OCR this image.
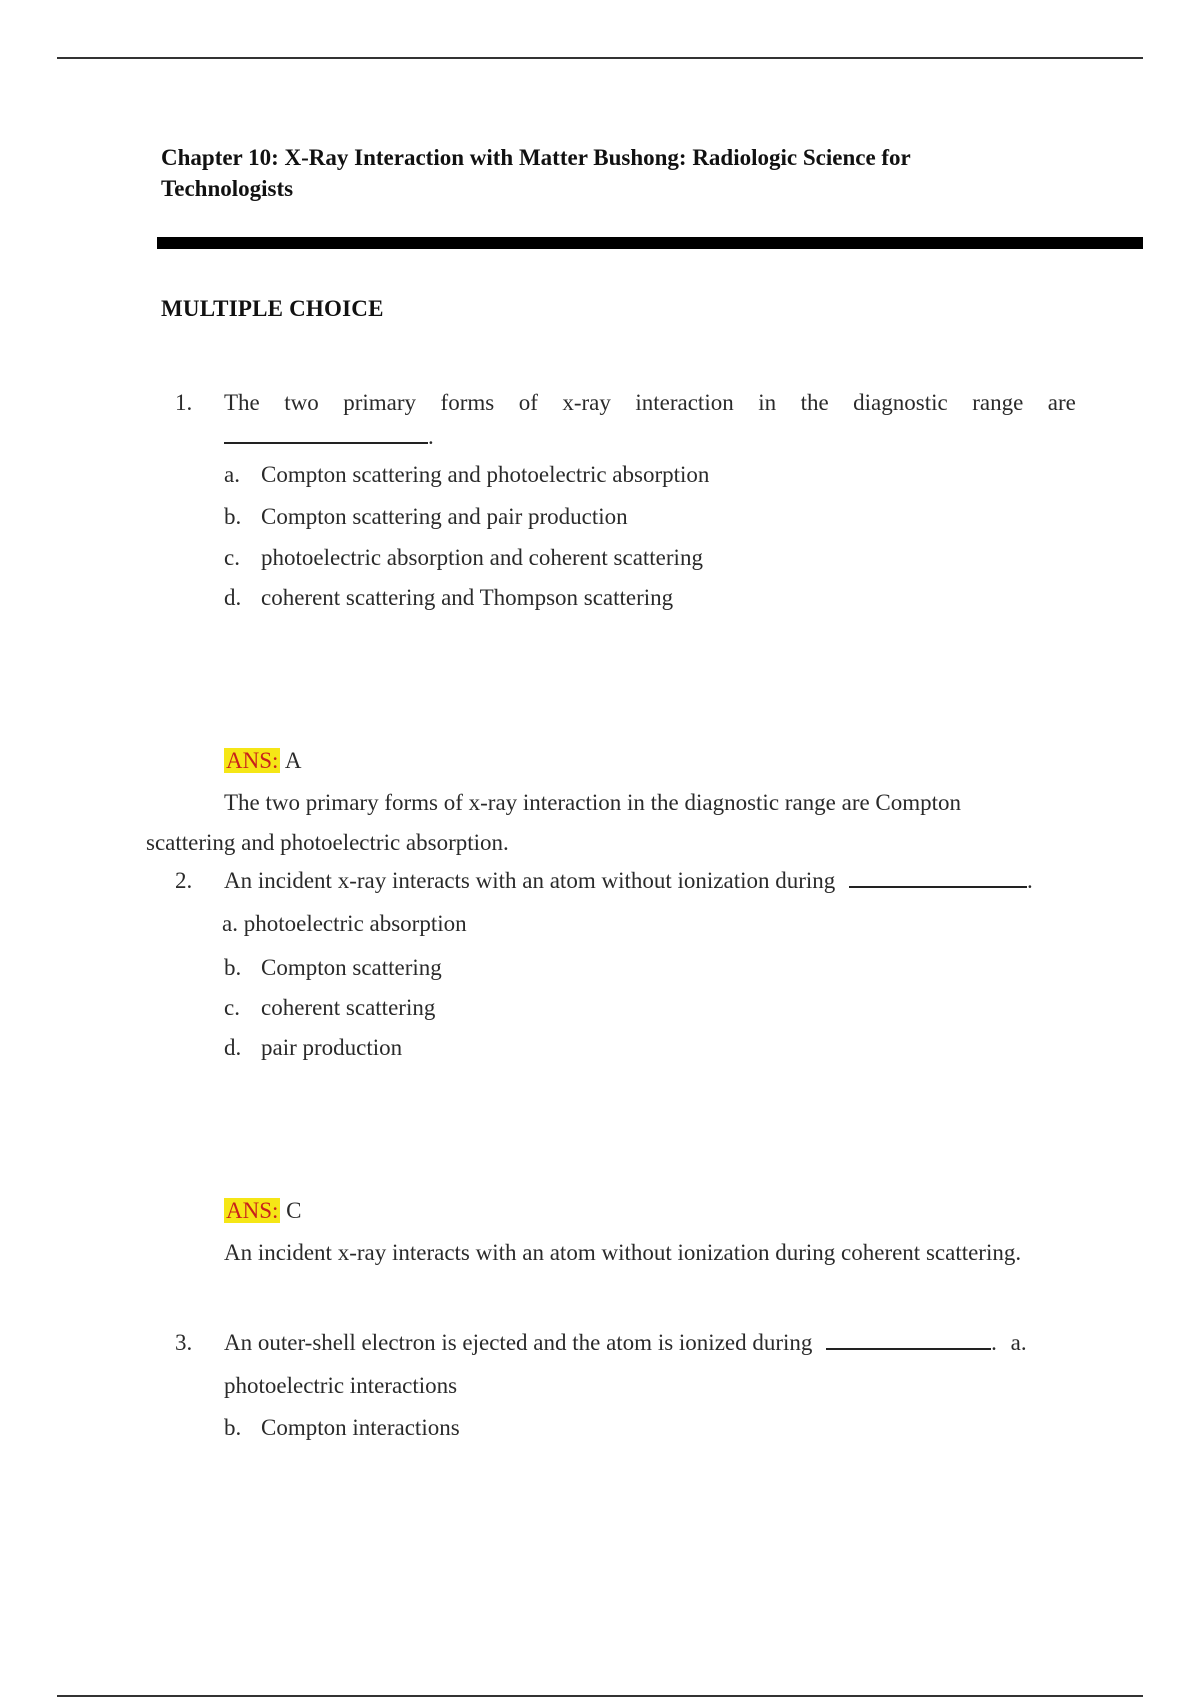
Chapter 10: X-Ray Interaction with Matter Bushong: Radiologic Science for Technologists
MULTIPLE CHOICE
1.	The two primary forms of x-ray interaction in the diagnostic range are
.
a. Compton scattering and photoelectric absorption
b. Compton scattering and pair production
c. photoelectric absorption and coherent scattering
d. coherent scattering and Thompson scattering
ANS: A
The two primary forms of x-ray interaction in the diagnostic range are Compton
scattering and photoelectric absorption.
2.	An incident x-ray interacts with an atom without ionization during	.
a. photoelectric absorption
b. Compton scattering
c. coherent scattering
d. pair production
ANS: C
An incident x-ray interacts with an atom without ionization during coherent scattering.
3.	An outer-shell electron is ejected and the atom is ionized during	. a.
photoelectric interactions
b. Compton interactions
